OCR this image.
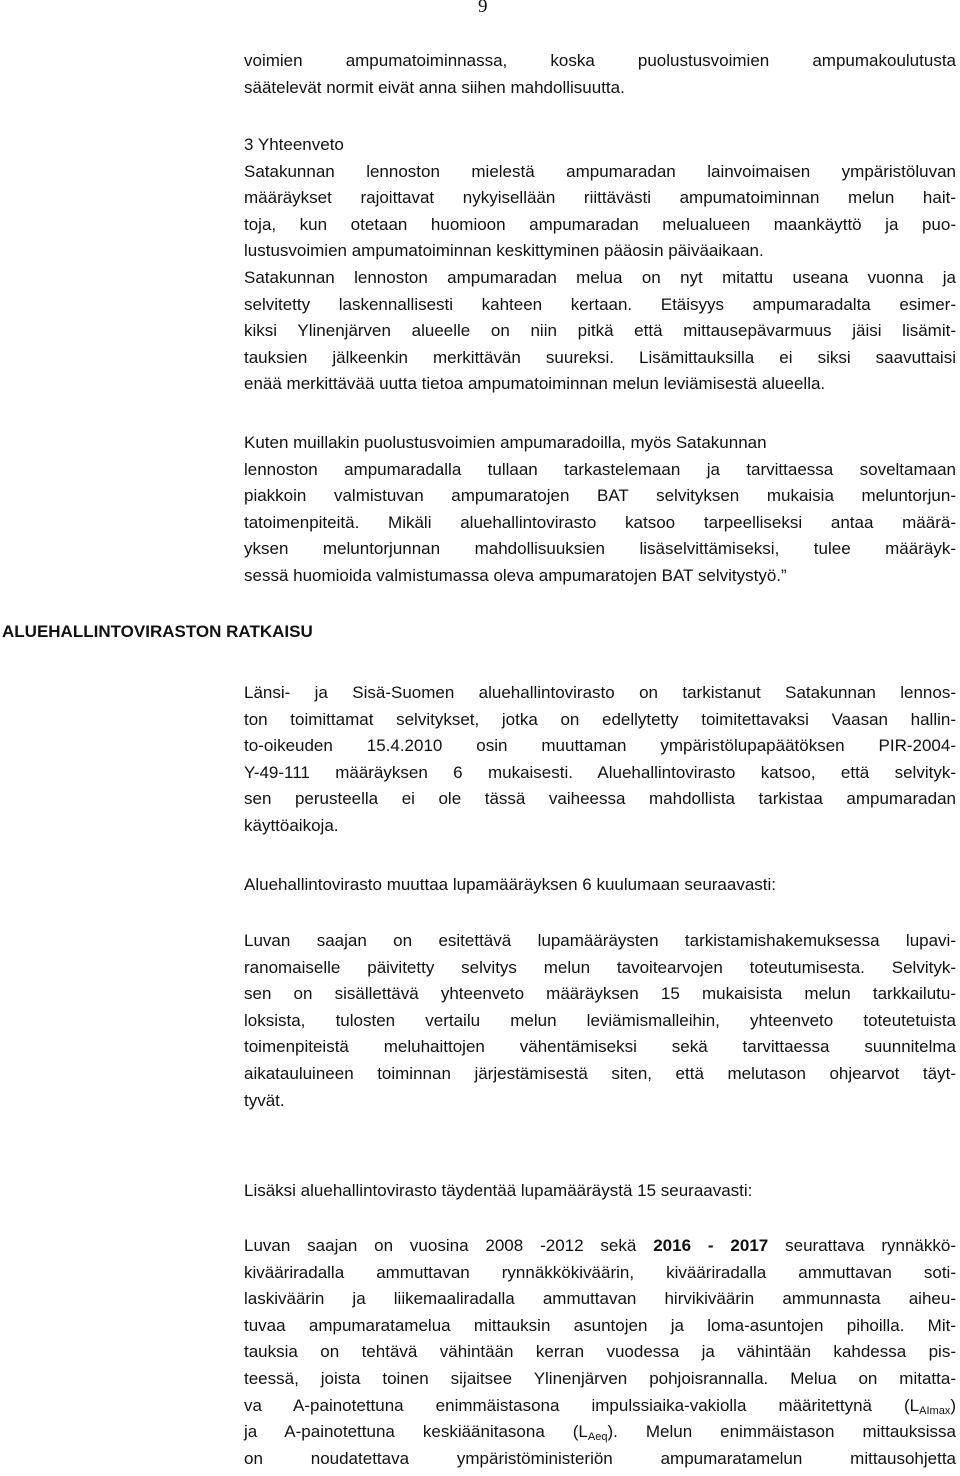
9
ALUEHALLINTOVIRASTON RATKAISU
voimien ampumatoiminnassa, koska puolustusvoimien ampumakoulutusta
säätelevät normit eivät anna siihen mahdollisuutta.
3 Yhteenveto
Satakunnan lennoston mielestä ampumaradan lainvoimaisen ympäristöluvan
määräykset rajoittavat nykyisellään riittävästi ampumatoiminnan melun hait-
toja, kun otetaan huomioon ampumaradan melualueen maankäyttö ja puo-
lustusvoimien ampumatoiminnan keskittyminen pääosin päiväaikaan.
Satakunnan lennoston ampumaradan melua on nyt mitattu useana vuonna ja
selvitetty laskennallisesti kahteen kertaan. Etäisyys ampumaradalta esimer-
kiksi Ylinenjärven alueelle on niin pitkä että mittausepävarmuus jäisi lisämit-
tauksien jälkeenkin merkittävän suureksi. Lisämittauksilla ei siksi saavuttaisi
enää merkittävää uutta tietoa ampumatoiminnan melun leviämisestä alueella.
Kuten muillakin puolustusvoimien ampumaradoilla, myös Satakunnan
lennoston ampumaradalla tullaan tarkastelemaan ja tarvittaessa soveltamaan
piakkoin valmistuvan ampumaratojen BAT selvityksen mukaisia meluntorjun-
tatoimenpiteitä. Mikäli aluehallintovirasto katsoo tarpeelliseksi antaa määrä-
yksen meluntorjunnan mahdollisuuksien lisäselvittämiseksi, tulee määräyk-
sessä huomioida valmistumassa oleva ampumaratojen BAT selvitystyö.”
Länsi- ja Sisä-Suomen aluehallintovirasto on tarkistanut Satakunnan lennos-
ton toimittamat selvitykset, jotka on edellytetty toimitettavaksi Vaasan hallin-
to-oikeuden 15.4.2010 osin muuttaman ympäristölupapäätöksen PIR-2004-
Y-49-111 määräyksen 6 mukaisesti. Aluehallintovirasto katsoo, että selvityk-
sen perusteella ei ole tässä vaiheessa mahdollista tarkistaa ampumaradan
käyttöaikoja.
Aluehallintovirasto muuttaa lupamääräyksen 6 kuulumaan seuraavasti:
Luvan saajan on esitettävä lupamääräysten tarkistamishakemuksessa lupavi-
ranomaiselle päivitetty selvitys melun tavoitearvojen toteutumisesta. Selvityk-
sen on sisällettävä yhteenveto määräyksen 15 mukaisista melun tarkkailutu-
loksista, tulosten vertailu melun leviämismalleihin, yhteenveto toteutetuista
toimenpiteistä meluhaittojen vähentämiseksi sekä tarvittaessa suunnitelma
aikatauluineen toiminnan järjestämisestä siten, että melutason ohjearvot täyt-
tyvät.
Lisäksi aluehallintovirasto täydentää lupamääräystä 15 seuraavasti:
Luvan saajan on vuosina 2008 -2012 sekä 2016 - 2017 seurattava rynnäkkö-
kivääriradalla ammuttavan rynnäkkökiväärin, kivääriradalla ammuttavan soti-
laskiväärin ja liikemaaliradalla ammuttavan hirvikiväärin ammunnasta aiheu-
tuvaa ampumaratamelua mittauksin asuntojen ja loma-asuntojen pihoilla. Mit-
tauksia on tehtävä vähintään kerran vuodessa ja vähintään kahdessa pis-
teessä, joista toinen sijaitsee Ylinenjärven pohjoisrannalla. Melua on mitatta-
va A-painotettuna enimmäistasona impulssiaika-vakiolla määritettynä $(L_{AImax})$
ja A-painotettuna keskiäänitasona $(L_{Aeq})$. Melun enimmäistason mittauksissa
on noudatettava ympäristöministeriön ampumaratamelun mittausohjetta
